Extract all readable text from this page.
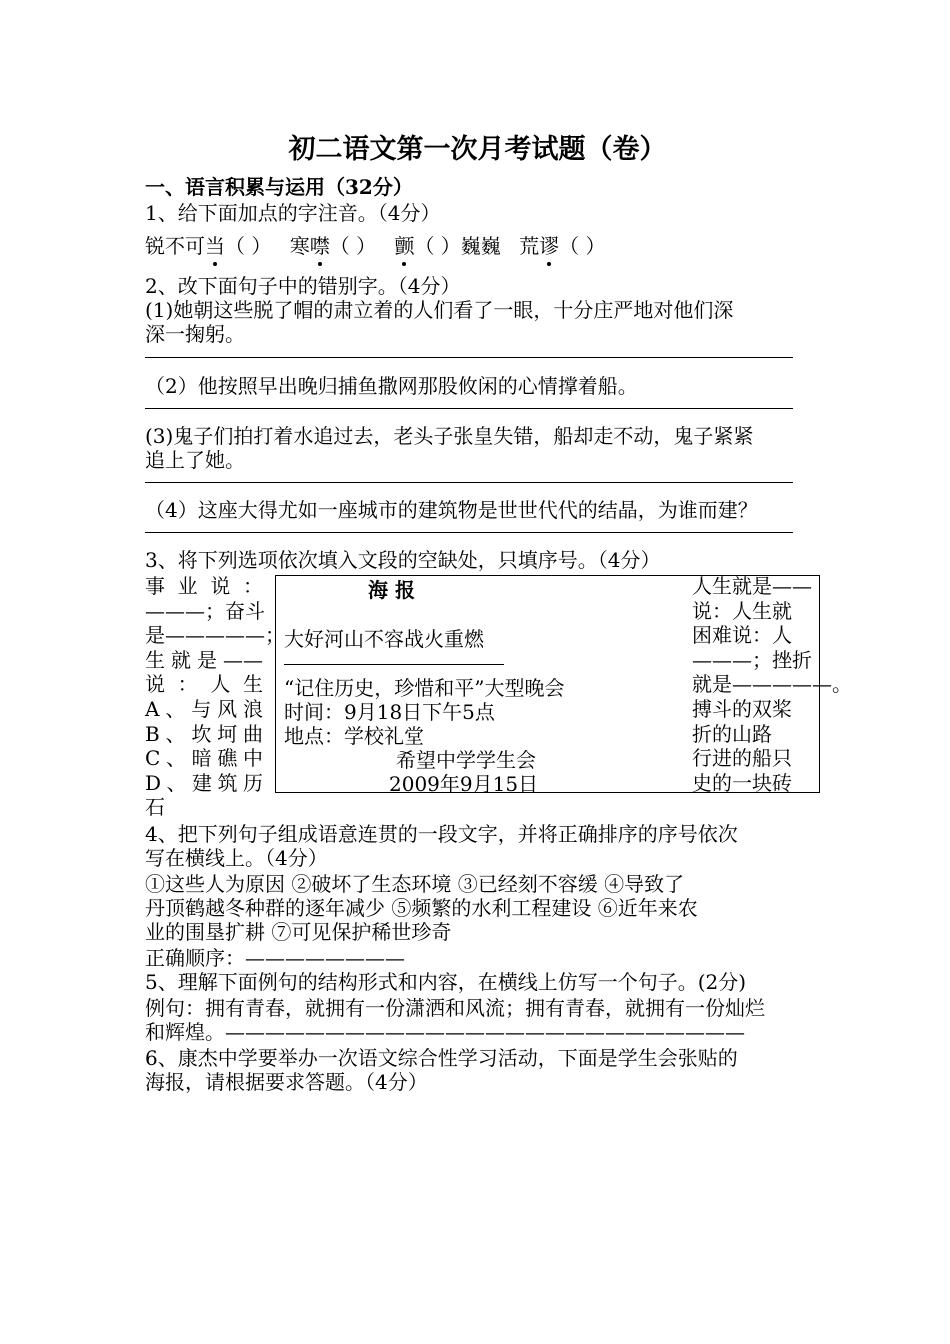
初二语文第一次月考试题（卷）
一、语言积累与运用（32分）
1、给下面加点的字注音。（4分）
锐不可当（ ） 寒噤（ ） 颤（ ）巍巍 荒谬（ ）
2、改下面句子中的错别字。（4分）
(1)她朝这些脱了帽的肃立着的人们看了一眼，十分庄严地对他们深
深一掬躬。
（2）他按照早出晚归捕鱼撒网那股攸闲的心情撑着船。
(3)鬼子们拍打着水追过去，老头子张皇失错，船却走不动，鬼子紧紧
追上了她。
（4）这座大得尤如一座城市的建筑物是世世代代的结晶，为谁而建？
3、将下列选项依次填入文段的空缺处，只填序号。（4分）
事业说：
———；奋斗
是—————；
生就是——
说：人生
A、与风浪
B、坎坷曲
C、暗礁中
D、建筑历
石
海 报
大好河山不容战火重燃
“记住历史，珍惜和平”大型晚会
时间：9月18日下午5点
地点：学校礼堂
希望中学学生会
2009年9月15日
人生就是——
说：人生就
困难说：人
———；挫折
就是—————。
搏斗的双桨
折的山路
行进的船只
史的一块砖
4、把下列句子组成语意连贯的一段文字，并将正确排序的序号依次
写在横线上。（4分）
①这些人为原因 ②破坏了生态环境 ③已经刻不容缓 ④导致了
丹顶鹤越冬种群的逐年减少 ⑤频繁的水利工程建设 ⑥近年来农
业的围垦扩耕 ⑦可见保护稀世珍奇
正确顺序：————————
5、理解下面例句的结构形式和内容，在横线上仿写一个句子。(2分)
例句：拥有青春，就拥有一份潇洒和风流；拥有青春，就拥有一份灿烂
和辉煌。——————————————————————————
6、康杰中学要举办一次语文综合性学习活动，下面是学生会张贴的
海报，请根据要求答题。（4分）
